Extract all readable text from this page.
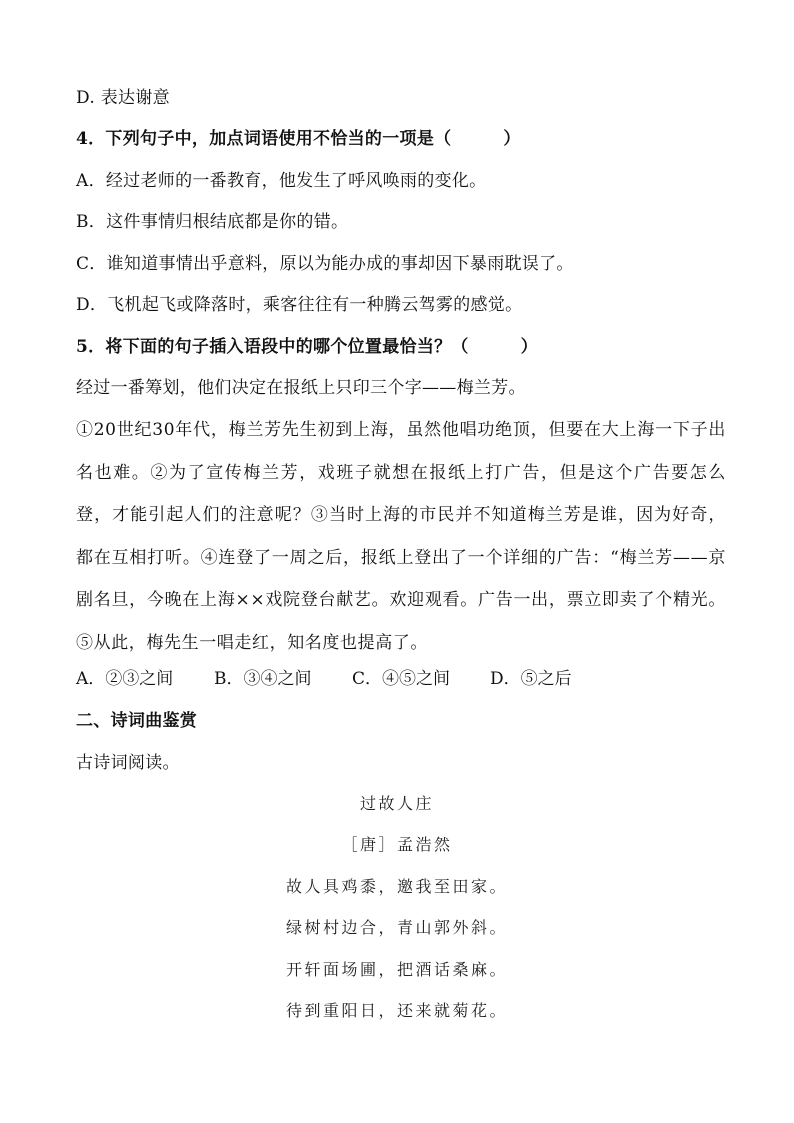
D. 表达谢意
4．下列句子中，加点词语使用不恰当的一项是（　　　）
A．经过老师的一番教育，他发生了呼风唤雨的变化。
B．这件事情归根结底都是你的错。
C．谁知道事情出乎意料，原以为能办成的事却因下暴雨耽误了。
D．飞机起飞或降落时，乘客往往有一种腾云驾雾的感觉。
5．将下面的句子插入语段中的哪个位置最恰当？（　　　）
经过一番筹划，他们决定在报纸上只印三个字——梅兰芳。
①20世纪30年代，梅兰芳先生初到上海，虽然他唱功绝顶，但要在大上海一下子出名也难。②为了宣传梅兰芳，戏班子就想在报纸上打广告，但是这个广告要怎么登，才能引起人们的注意呢？③当时上海的市民并不知道梅兰芳是谁，因为好奇，都在互相打听。④连登了一周之后，报纸上登出了一个详细的广告：“梅兰芳——京剧名旦，今晚在上海××戏院登台献艺。欢迎观看。广告一出，票立即卖了个精光。⑤从此，梅先生一唱走红，知名度也提高了。
A．②③之间 B．③④之间 C．④⑤之间 D．⑤之后
二、诗词曲鉴赏
古诗词阅读。
过故人庄
［唐］孟浩然
故人具鸡黍，邀我至田家。
绿树村边合，青山郭外斜。
开轩面场圃，把酒话桑麻。
待到重阳日，还来就菊花。
